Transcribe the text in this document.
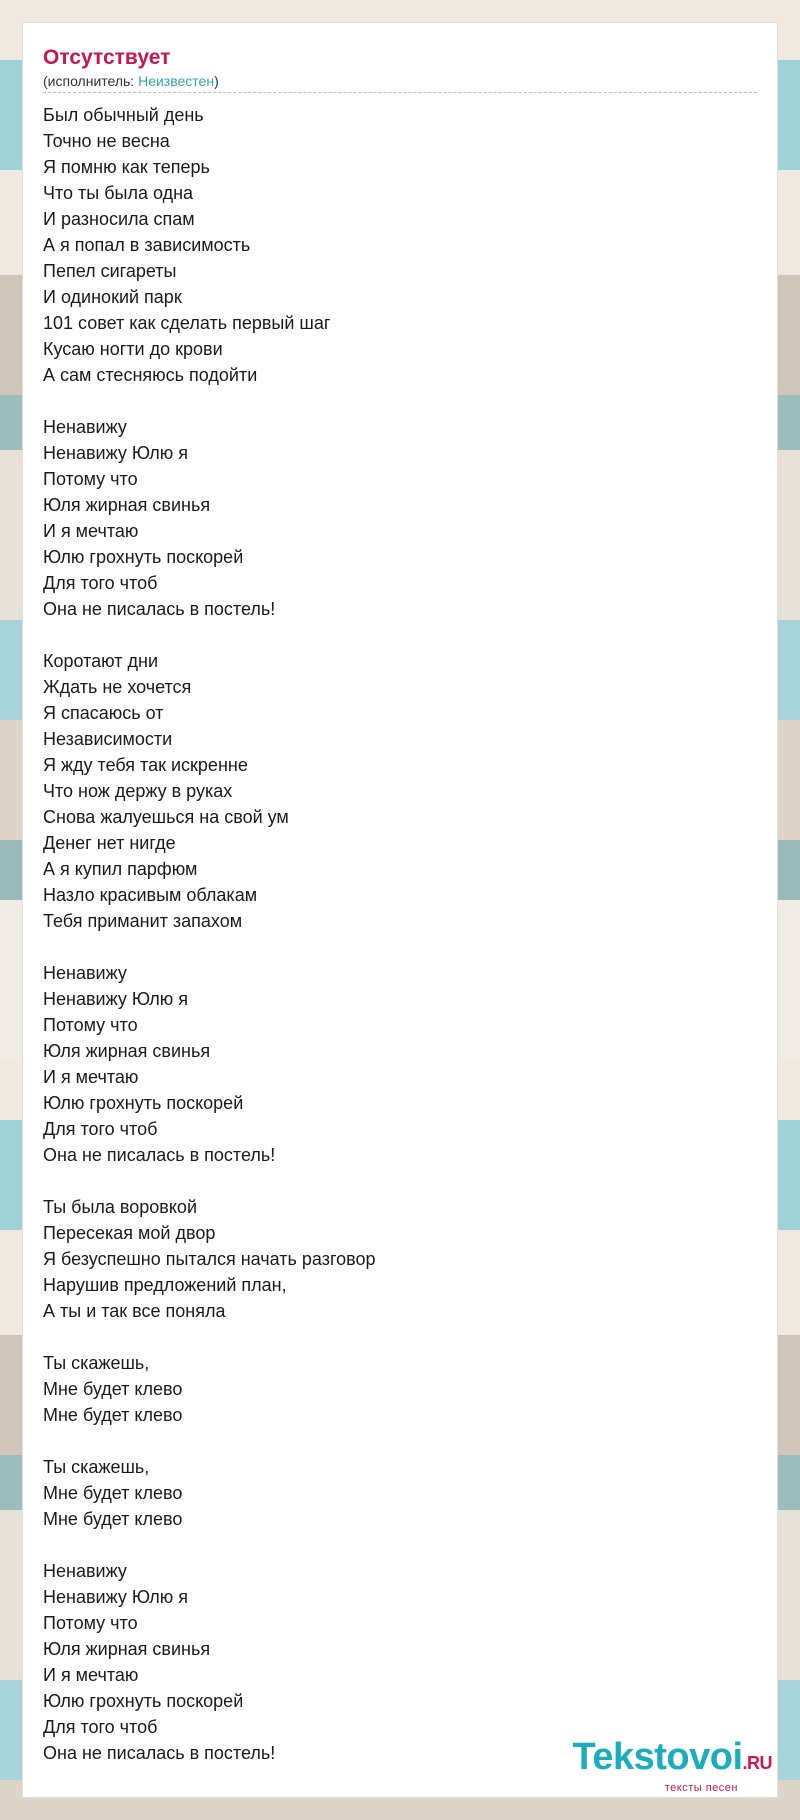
Отсутствует
(исполнитель: Неизвестен)

Был обычный день
Точно не весна
Я помню как теперь
Что ты была одна
И разносила спам
А я попал в зависимость
Пепел сигареты
И одинокий парк
101 совет как сделать первый шаг
Кусаю ногти до крови
А сам стесняюсь подойти

Ненавижу
Ненавижу Юлю я
Потому что
Юля жирная свинья
И я мечтаю
Юлю грохнуть поскорей
Для того чтоб
Она не писалась в постель!

Коротают дни
Ждать не хочется
Я спасаюсь от
Независимости
Я жду тебя так искренне
Что нож держу в руках
Снова жалуешься на свой ум
Денег нет нигде
А я купил парфюм
Назло красивым облакам
Тебя приманит запахом

Ненавижу
Ненавижу Юлю я
Потому что
Юля жирная свинья
И я мечтаю
Юлю грохнуть поскорей
Для того чтоб
Она не писалась в постель!

Ты была воровкой
Пересекая мой двор
Я безуспешно пытался начать разговор
Нарушив предложений план,
А ты и так все поняла

Ты скажешь,
Мне будет клево
Мне будет клево

Ты скажешь,
Мне будет клево
Мне будет клево

Ненавижу
Ненавижу Юлю я
Потому что
Юля жирная свинья
И я мечтаю
Юлю грохнуть поскорей
Для того чтоб
Она не писалась в постель!	Tekstovoi.RU
тексты песен
